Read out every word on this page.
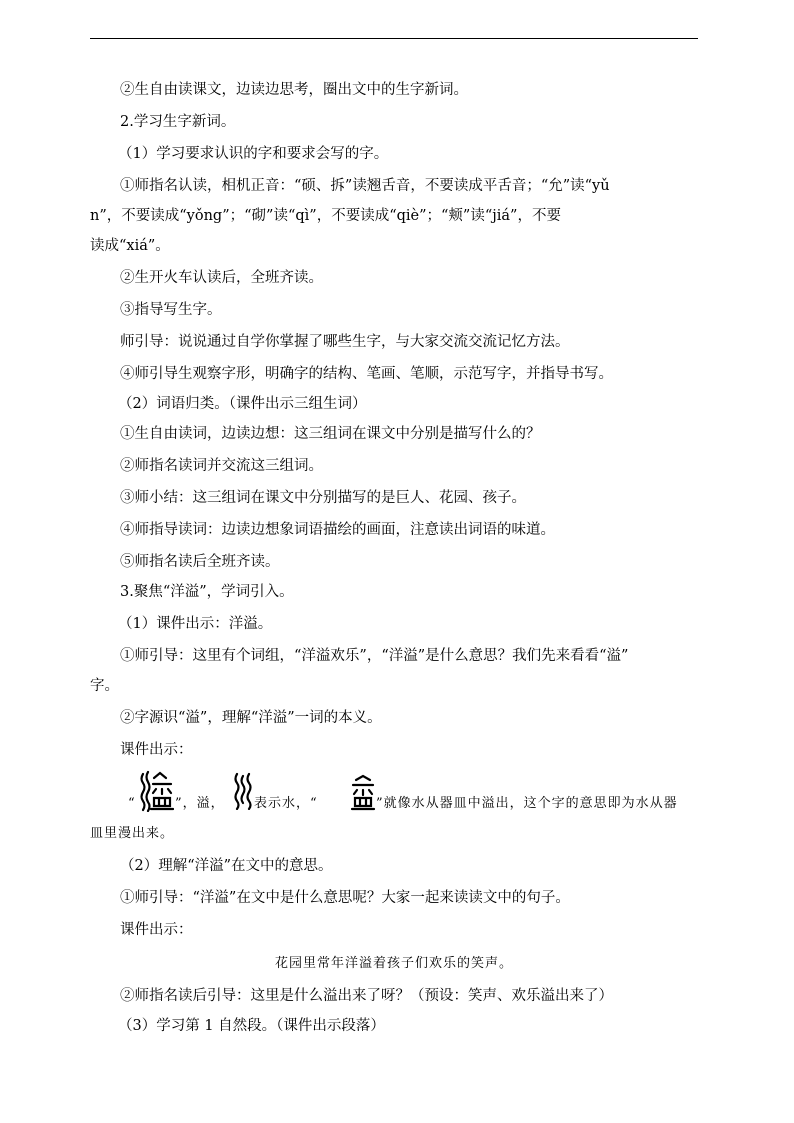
②生自由读课文，边读边思考，圈出文中的生字新词。
2.学习生字新词。
（1）学习要求认识的字和要求会写的字。
①师指名认读，相机正音：“硕、拆”读翘舌音，不要读成平舌音；“允”读“yǔ
n”，不要读成“yǒng”；“砌”读“qì”，不要读成“qiè”；“颊”读“jiá”，不要
读成“xiá”。
②生开火车认读后，全班齐读。
③指导写生字。
师引导：说说通过自学你掌握了哪些生字，与大家交流交流记忆方法。
④师引导生观察字形，明确字的结构、笔画、笔顺，示范写字，并指导书写。
（2）词语归类。（课件出示三组生词）
①生自由读词，边读边想：这三组词在课文中分别是描写什么的？
②师指名读词并交流这三组词。
③师小结：这三组词在课文中分别描写的是巨人、花园、孩子。
④师指导读词：边读边想象词语描绘的画面，注意读出词语的味道。
⑤师指名读后全班齐读。
3.聚焦“洋溢”，学词引入。
（1）课件出示：洋溢。
①师引导：这里有个词组，“洋溢欢乐”，“洋溢”是什么意思？我们先来看看“溢”
字。
②字源识“溢”，理解“洋溢”一词的本义。
课件出示：
“	”，溢， 表示水，“	”就像水从器皿中溢出，这个字的意思即为水从器
皿里漫出来。
（2）理解“洋溢”在文中的意思。
①师引导：“洋溢”在文中是什么意思呢？大家一起来读读文中的句子。
课件出示：
花园里常年洋溢着孩子们欢乐的笑声。
②师指名读后引导：这里是什么溢出来了呀？（预设：笑声、欢乐溢出来了）
（3）学习第 1 自然段。（课件出示段落）
